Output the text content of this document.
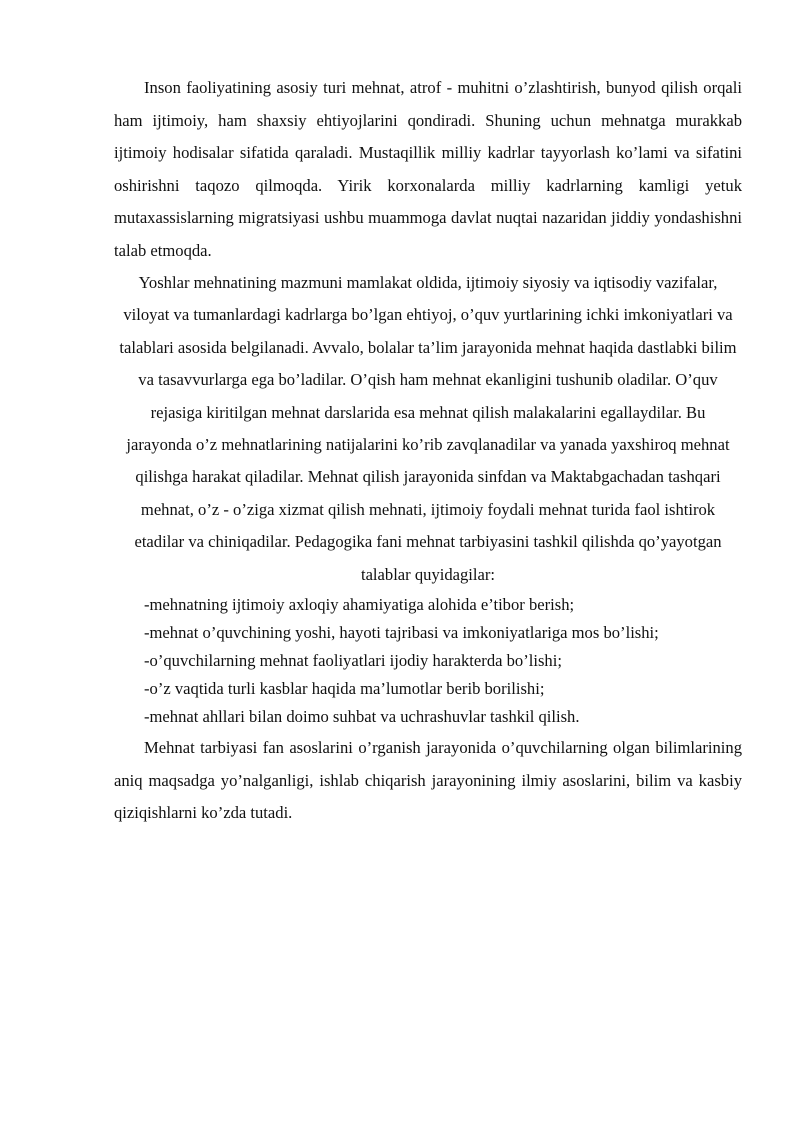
Inson faoliyatining asosiy turi mehnat, atrof - muhitni o’zlashtirish, bunyod qilish orqali ham ijtimoiy, ham shaxsiy ehtiyojlarini qondiradi. Shuning uchun mehnatga murakkab ijtimoiy hodisalar sifatida qaraladi. Mustaqillik milliy kadrlar tayyorlash ko’lami va sifatini oshirishni taqozo qilmoqda. Yirik korxonalarda milliy kadrlarning kamligi yetuk mutaxassislarning migratsiyasi ushbu muammoga davlat nuqtai nazaridan jiddiy yondashishni talab etmoqda.

Yoshlar mehnatining mazmuni mamlakat oldida, ijtimoiy siyosiy va iqtisodiy vazifalar, viloyat va tumanlardagi kadrlarga bo’lgan ehtiyoj, o’quv yurtlarining ichki imkoniyatlari va talablari asosida belgilanadi. Avvalo, bolalar ta’lim jarayonida mehnat haqida dastlabki bilim va tasavvurlarga ega bo’ladilar. O’qish ham mehnat ekanligini tushunib oladilar. O’quv rejasiga kiritilgan mehnat darslarida esa mehnat qilish malakalarini egallaydilar. Bu jarayonda o’z mehnatlarining natijalarini ko’rib zavqlanadilar va yanada yaxshiroq mehnat qilishga harakat qiladilar. Mehnat qilish jarayonida sinfdan va Maktabgachadan tashqari mehnat, o’z - o’ziga xizmat qilish mehnati, ijtimoiy foydali mehnat turida faol ishtirok etadilar va chiniqadilar. Pedagogika fani mehnat tarbiyasini tashkil qilishda qo’yayotgan talablar quyidagilar:

-mehnatning ijtimoiy axloqiy ahamiyatiga alohida e’tibor berish;
-mehnat o’quvchining yoshi, hayoti tajribasi va imkoniyatlariga mos bo’lishi;
-o’quvchilarning mehnat faoliyatlari ijodiy harakterda bo’lishi;
-o’z vaqtida turli kasblar haqida ma’lumotlar berib borilishi;
-mehnat ahllari bilan doimo suhbat va uchrashuvlar tashkil qilish.

Mehnat tarbiyasi fan asoslarini o’rganish jarayonida o’quvchilarning olgan bilimlarining aniq maqsadga yo’nalganligi, ishlab chiqarish jarayonining ilmiy asoslarini, bilim va kasbiy qiziqishlarni ko’zda tutadi.
